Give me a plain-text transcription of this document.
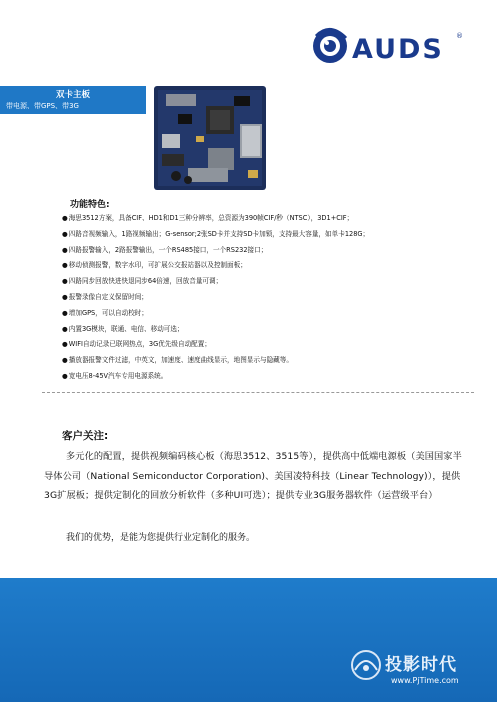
AUDS ®
双卡主板
带电源、带GPS、带3G
功能特色:
● 海思3512方案，具备CIF、HD1和D1三种分辨率，总资源为390帧CIF/秒（NTSC），3D1+CIF；
● 四路音视频输入，1路视频输出；G-sensor;2张SD卡并支持SD卡加锁，支持最大容量，如单卡128G；
● 四路报警输入，2路报警输出，一个RS485接口，一个RS232接口；
● 移动侦测报警，数字水印，可扩展公交报站器以及控制面板；
● 四路同步回放快进快退同步64倍速，回放音量可调；
● 报警录像自定义保留时间；
● 增加GPS，可以自动校时；
● 内置3G模块，联通、电信、移动可选；
● WIFI自动记录已联网热点，3G优先级自动配置；
● 播放器报警文件过滤，中英文，加速度、速度曲线显示，地图显示与隐藏等。
● 宽电压8-45V汽车专用电源系统。
客户关注:

多元化的配置，提供视频编码核心板（海思3512、3515等），提供高中低端电源板（美国国家半导体公司（National Semiconductor Corporation)、美国凌特科技（Linear Technology)），提供3G扩展板；提供定制化的回放分析软件（多种UI可选）；提供专业3G服务器软件（运营级平台）

我们的优势，是能为您提供行业定制化的服务。
投影时代
www.PjTime.com
